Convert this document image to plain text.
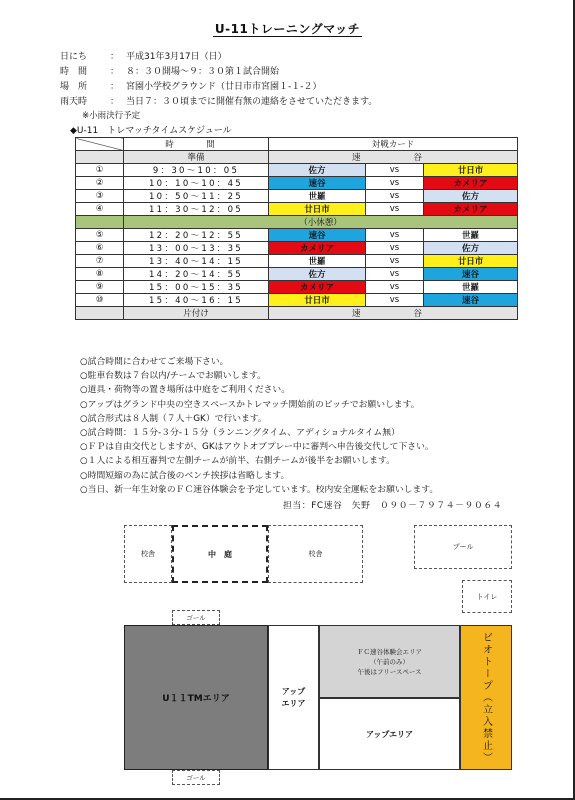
U-11トレーニングマッチ
日にち	： 平成31年3月17日（日）
時　間	： ８：３０開場～９：３０第１試合開始
場　所	： 宮園小学校グラウンド（廿日市市宮園１-１-２）
雨天時	： 当日７：３０頃までに開催有無の連絡をさせていただきます。
※小雨決行予定
◆U-11　トレマッチタイムスケジュール
	時　間	対戦カード		
	準備	速　　谷		
①	9：30～10：05	佐方	vs	廿日市
②	10：10～10：45	速谷	vs	カメリア
③	10：50～11：25	世羅	vs	佐方
④	11：30～12：05	廿日市	vs	カメリア
	（小休憩）			
⑤	12：20～12：55	速谷	vs	世羅
⑥	13：00～13：35	カメリア	vs	佐方
⑦	13：40～14：15	世羅	vs	廿日市
⑧	14：20～14：55	佐方	vs	速谷
⑨	15：00～15：35	カメリア	vs	世羅
⑩	15：40～16：15	廿日市	vs	速谷
	片付け	速　　谷		
○試合時間に合わせてご来場下さい。
○駐車台数は７台以内/チームでお願いします。
○道具・荷物等の置き場所は中庭をご利用ください。
○アップはグランド中央の空きスペースかトレマッチ開始前のピッチでお願いします。
○試合形式は８人制（７人＋GK）で行います。
○試合時間：１５分-３分-１５分（ランニングタイム、アディショナルタイム無）
○ＦＰは自由交代としますが、GKはアウトオブプレー中に審判へ申告後交代して下さい。
○１人による相互審判で左側チームが前半、右側チームが後半をお願いします。
○時間短縮の為に試合後のベンチ挨拶は省略します。
○当日、新一年生対象のＦＣ速谷体験会を予定しています。校内安全運転をお願いします。
担当：FC速谷　矢野　０９０－７９７４－９０６４
校舎	中　庭	校舎
プール
トイレ
ゴール
U１１TMエリア
ゴール
アップ
エリア
ＦＣ速谷体験会エリア
（午前のみ）
午後はフリースペース
アップエリア	ビオトープ（立入禁止）
